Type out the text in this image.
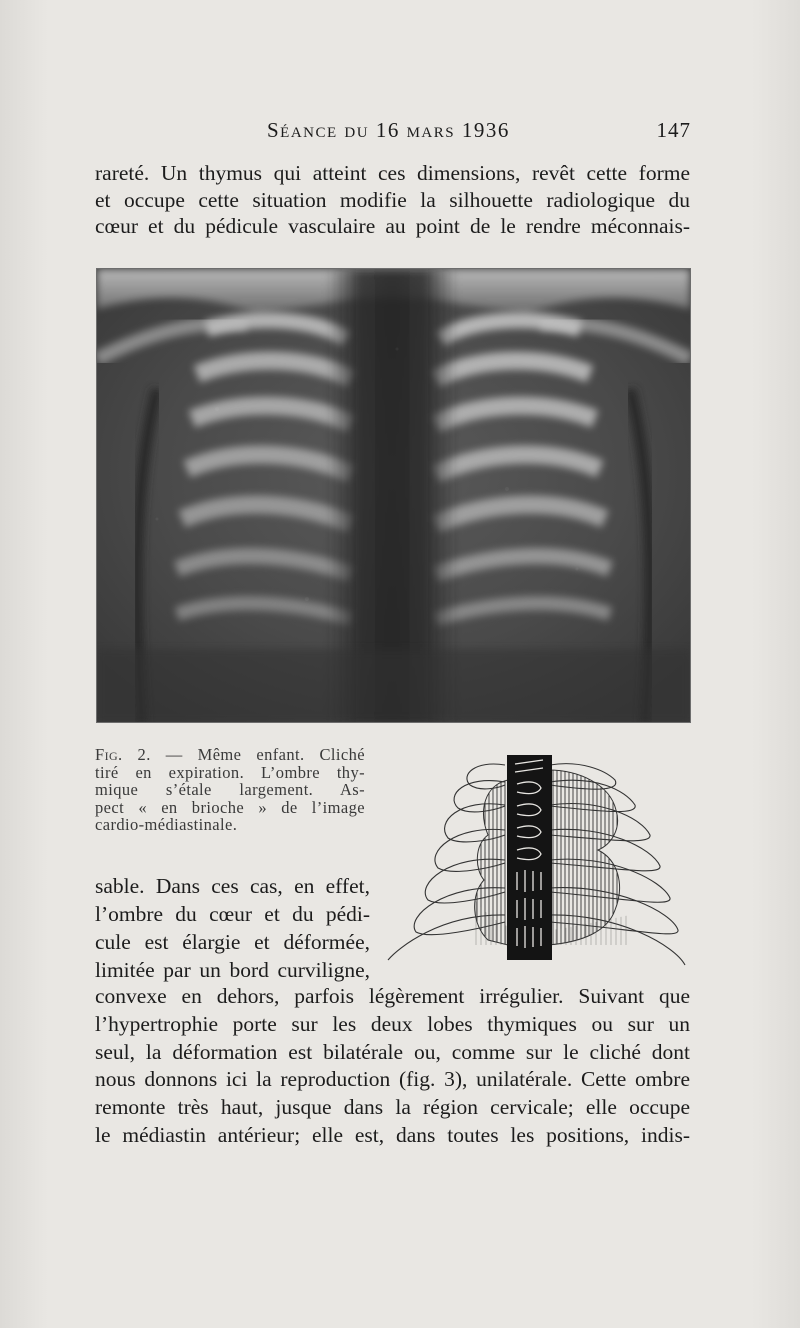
Séance du 16 mars 1936	147
rareté. Un thymus qui atteint ces dimensions, revêt cette forme
et occupe cette situation modifie la silhouette radiologique du
cœur et du pédicule vasculaire au point de le rendre méconnais-
Fig. 2. — Même enfant. Cliché
tiré en expiration. L’ombre thy-
mique s’étale largement. As-
pect « en brioche » de l’image
cardio-médiastinale.
sable. Dans ces cas, en effet,
l’ombre du cœur et du pédi-
cule est élargie et déformée,
limitée par un bord curviligne,
convexe en dehors, parfois légèrement irrégulier. Suivant que
l’hypertrophie porte sur les deux lobes thymiques ou sur un
seul, la déformation est bilatérale ou, comme sur le cliché dont
nous donnons ici la reproduction (fig. 3), unilatérale. Cette ombre
remonte très haut, jusque dans la région cervicale; elle occupe
le médiastin antérieur; elle est, dans toutes les positions, indis-
